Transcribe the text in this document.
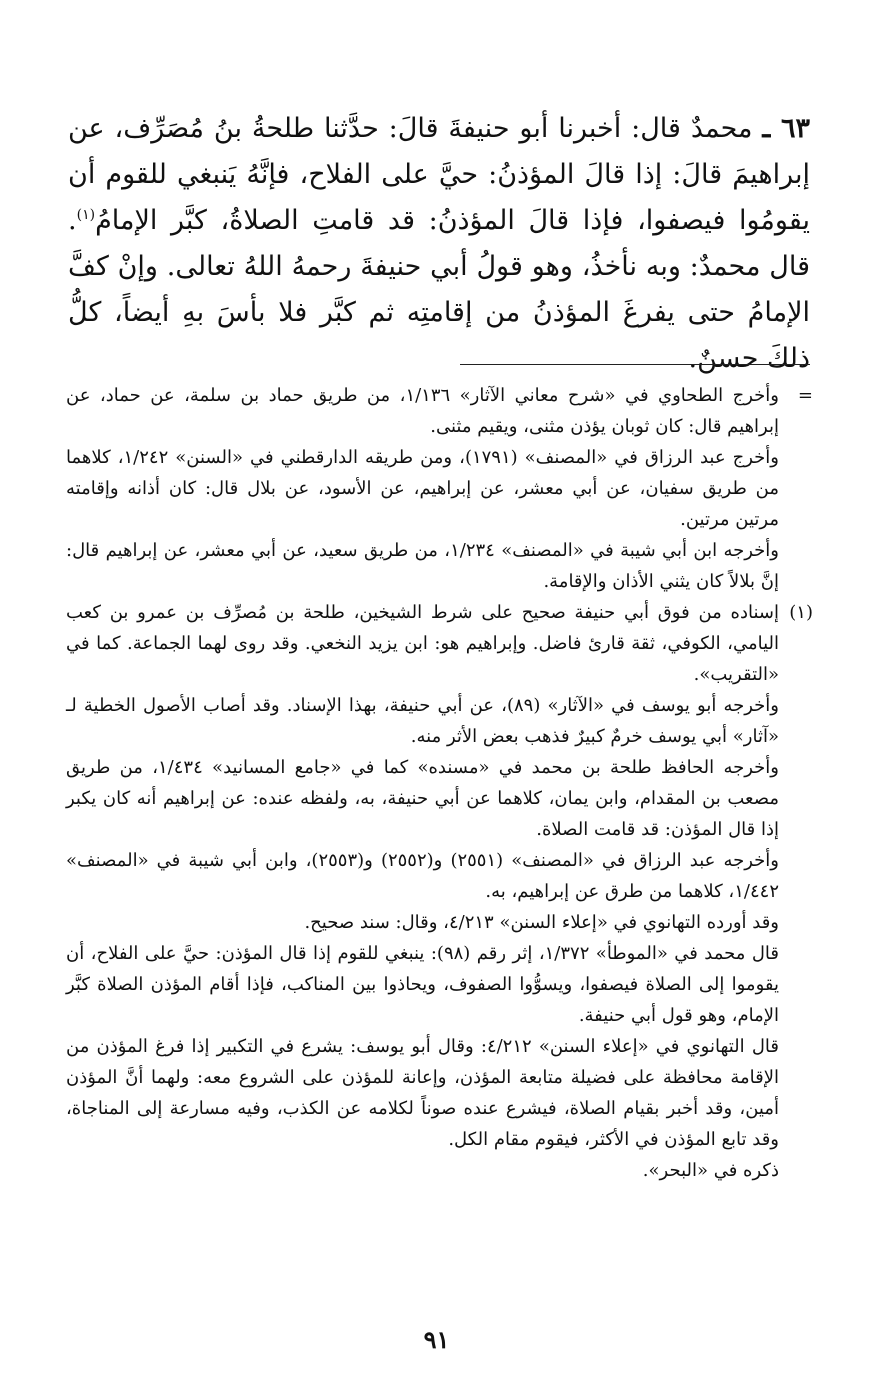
٦٣ ـ محمدٌ قال: أخبرنا أبو حنيفةَ قالَ: حدَّثنا طلحةُ بنُ مُصَرِّف، عن إبراهيمَ قالَ: إذا قالَ المؤذنُ: حيَّ على الفلاح، فإنَّهُ يَنبغي للقوم أن يقومُوا فيصفوا، فإذا قالَ المؤذنُ: قد قامتِ الصلاةُ، كبَّر الإمامُ$^{(١)}$. قال محمدٌ: وبه نأخذُ، وهو قولُ أبي حنيفةَ رحمهُ اللهُ تعالى. وإنْ كفَّ الإمامُ حتى يفرغَ المؤذنُ من إقامتِه ثم كبَّر فلا بأسَ بهِ أيضاً، كلُّ ذلكَ حسنٌ.
=

وأخرج الطحاوي في «شرح معاني الآثار» ١/١٣٦، من طريق حماد بن سلمة، عن حماد، عن إبراهيم قال: كان ثوبان يؤذن مثنى، ويقيم مثنى.

وأخرج عبد الرزاق في «المصنف» (١٧٩١)، ومن طريقه الدارقطني في «السنن» ١/٢٤٢، كلاهما من طريق سفيان، عن أبي معشر، عن إبراهيم، عن الأسود، عن بلال قال: كان أذانه وإقامته مرتين مرتين.

وأخرجه ابن أبي شيبة في «المصنف» ١/٢٣٤، من طريق سعيد، عن أبي معشر، عن إبراهيم قال: إنَّ بلالاً كان يثني الأذان والإقامة.

(١)

إسناده من فوق أبي حنيفة صحيح على شرط الشيخين، طلحة بن مُصرِّف بن عمرو بن كعب اليامي، الكوفي، ثقة قارئ فاضل. وإبراهيم هو: ابن يزيد النخعي. وقد روى لهما الجماعة. كما في «التقريب».

وأخرجه أبو يوسف في «الآثار» (٨٩)، عن أبي حنيفة، بهذا الإسناد. وقد أصاب الأصول الخطية لـ «آثار» أبي يوسف خرمٌ كبيرٌ فذهب بعض الأثر منه.

وأخرجه الحافظ طلحة بن محمد في «مسنده» كما في «جامع المسانيد» ١/٤٣٤، من طريق مصعب بن المقدام، وابن يمان، كلاهما عن أبي حنيفة، به، ولفظه عنده: عن إبراهيم أنه كان يكبر إذا قال المؤذن: قد قامت الصلاة.

وأخرجه عبد الرزاق في «المصنف» (٢٥٥١) و(٢٥٥٢) و(٢٥٥٣)، وابن أبي شيبة في «المصنف» ١/٤٤٢، كلاهما من طرق عن إبراهيم، به.

وقد أورده التهانوي في «إعلاء السنن» ٤/٢١٣، وقال: سند صحيح.

قال محمد في «الموطأ» ١/٣٧٢، إثر رقم (٩٨): ينبغي للقوم إذا قال المؤذن: حيَّ على الفلاح، أن يقوموا إلى الصلاة فيصفوا، ويسوُّوا الصفوف، ويحاذوا بين المناكب، فإذا أقام المؤذن الصلاة كبَّر الإمام، وهو قول أبي حنيفة.

قال التهانوي في «إعلاء السنن» ٤/٢١٢: وقال أبو يوسف: يشرع في التكبير إذا فرغ المؤذن من الإقامة محافظة على فضيلة متابعة المؤذن، وإعانة للمؤذن على الشروع معه: ولهما أنَّ المؤذن أمين، وقد أخبر بقيام الصلاة، فيشرع عنده صوناً لكلامه عن الكذب، وفيه مسارعة إلى المناجاة، وقد تابع المؤذن في الأكثر، فيقوم مقام الكل.

ذكره في «البحر».

٩١
